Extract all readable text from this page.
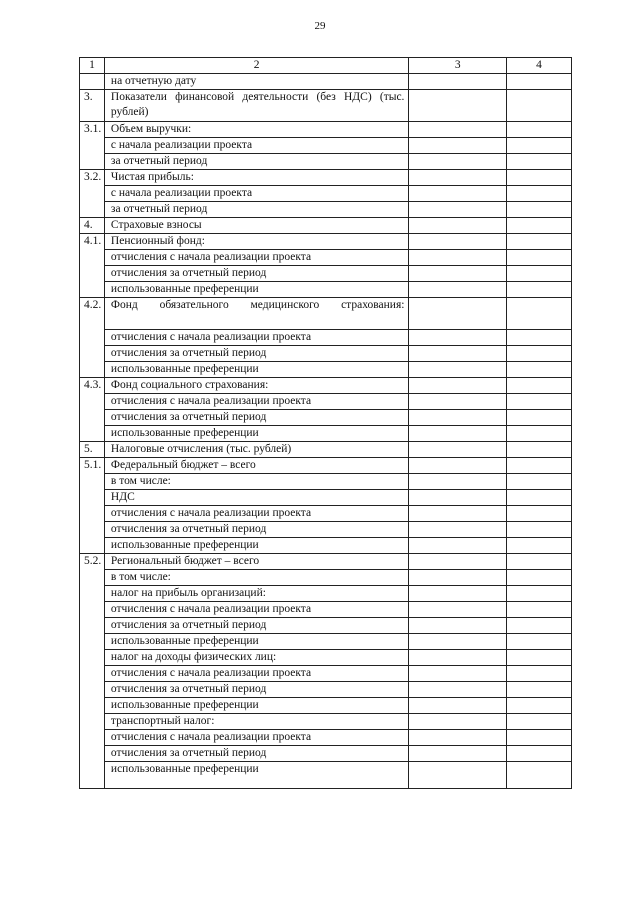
29
1	2	3	4
	на отчетную дату		
3.	Показатели финансовой деятельности (без НДС) (тыс. рублей)		
3.1.	Объем выручки:		
	с начала реализации проекта		
	за отчетный период		
3.2.	Чистая прибыль:		
	с начала реализации проекта		
	за отчетный период		
4.	Страховые взносы		
4.1.	Пенсионный фонд:		
	отчисления с начала реализации проекта		
	отчисления за отчетный период		
	использованные преференции		
4.2.	Фонд обязательного медицинского страхования:		
	отчисления с начала реализации проекта		
	отчисления за отчетный период		
	использованные преференции		
4.3.	Фонд социального страхования:		
	отчисления с начала реализации проекта		
	отчисления за отчетный период		
	использованные преференции		
5.	Налоговые отчисления (тыс. рублей)		
5.1.	Федеральный бюджет – всего		
	в том числе:		
	НДС		
	отчисления с начала реализации проекта		
	отчисления за отчетный период		
	использованные преференции		
5.2.	Региональный бюджет – всего		
	в том числе:		
	налог на прибыль организаций:		
	отчисления с начала реализации проекта		
	отчисления за отчетный период		
	использованные преференции		
	налог на доходы физических лиц:		
	отчисления с начала реализации проекта		
	отчисления за отчетный период		
	использованные преференции		
	транспортный налог:		
	отчисления с начала реализации проекта		
	отчисления за отчетный период		
	использованные преференции		
